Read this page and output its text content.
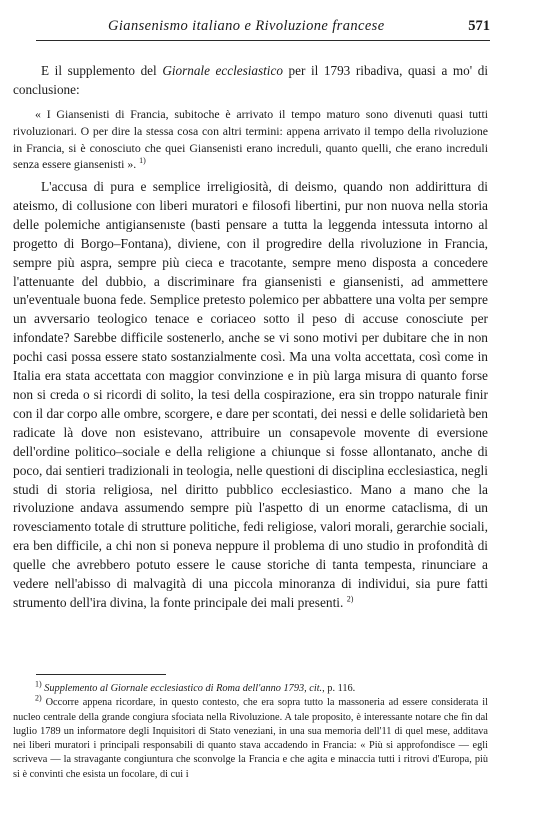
Giansenismo italiano e Rivoluzione francese	571

E il supplemento del Giornale ecclesiastico per il 1793 ribadiva, quasi a mo' di conclusione:

« I Giansenisti di Francia, subitoche è arrivato il tempo maturo sono divenuti quasi tutti rivoluzionari. O per dire la stessa cosa con altri termini: appena arrivato il tempo della rivoluzione in Francia, si è conosciuto che quei Giansenisti erano increduli, quanto quelli, che erano increduli senza essere giansenisti ». $^{1)}$

L'accusa di pura e semplice irreligiosità, di deismo, quando non addirittura di ateismo, di collusione con liberi muratori e filosofi libertini, pur non nuova nella storia delle polemiche antigiansenıste (basti pensare a tutta la leggenda intessuta intorno al progetto di Borgo–Fontana), diviene, con il progredire della rivoluzione in Francia, sempre più aspra, sempre più cieca e tracotante, sempre meno disposta a concedere l'attenuante del dubbio, a discriminare fra giansenisti e giansenisti, ad ammettere un'eventuale buona fede. Semplice pretesto polemico per abbattere una volta per sempre un avversario teologico tenace e coriaceo sotto il peso di accuse conosciute per infondate? Sarebbe difficile sostenerlo, anche se vi sono motivi per dubitare che in non pochi casi possa essere stato sostanzialmente così. Ma una volta accettata, così come in Italia era stata accettata con maggior convinzione e in più larga misura di quanto forse non si creda o si ricordi di solito, la tesi della cospirazione, era sin troppo naturale finir con il dar corpo alle ombre, scorgere, e dare per scontati, dei nessi e delle solidarietà ben radicate là dove non esistevano, attribuire un consapevole movente di eversione dell'ordine politico–sociale e della religione a chiunque si fosse allontanato, anche di poco, dai sentieri tradizionali in teologia, nelle questioni di disciplina ecclesiastica, negli studi di storia religiosa, nel diritto pubblico ecclesiastico. Mano a mano che la rivoluzione andava assumendo sempre più l'aspetto di un enorme cataclisma, di un rovesciamento totale di strutture politiche, fedi religiose, valori morali, gerarchie sociali, era ben difficile, a chi non si poneva neppure il problema di uno studio in profondità di quelle che avrebbero potuto essere le cause storiche di tanta tempesta, rinunciare a vedere nell'abisso di malvagità di una piccola minoranza di individui, sia pure fatti strumento dell'ira divina, la fonte principale dei mali presenti. $^{2)}$

$^{1)}$ Supplemento al Giornale ecclesiastico di Roma dell'anno 1793, cit., p. 116.

$^{2)}$ Occorre appena ricordare, in questo contesto, che era sopra tutto la massoneria ad essere considerata il nucleo centrale della grande congiura sfociata nella Rivoluzione. A tale proposito, è interessante notare che fin dal luglio 1789 un informatore degli Inquisitori di Stato veneziani, in una sua memoria dell'11 di quel mese, additava nei liberi muratori i principali responsabili di quanto stava accadendo in Francia: « Più si approfondisce — egli scriveva — la stravagante congiuntura che sconvolge la Francia e che agita e minaccia tutti i ritrovi d'Europa, più si è convinti che esista un focolare, di cui i
